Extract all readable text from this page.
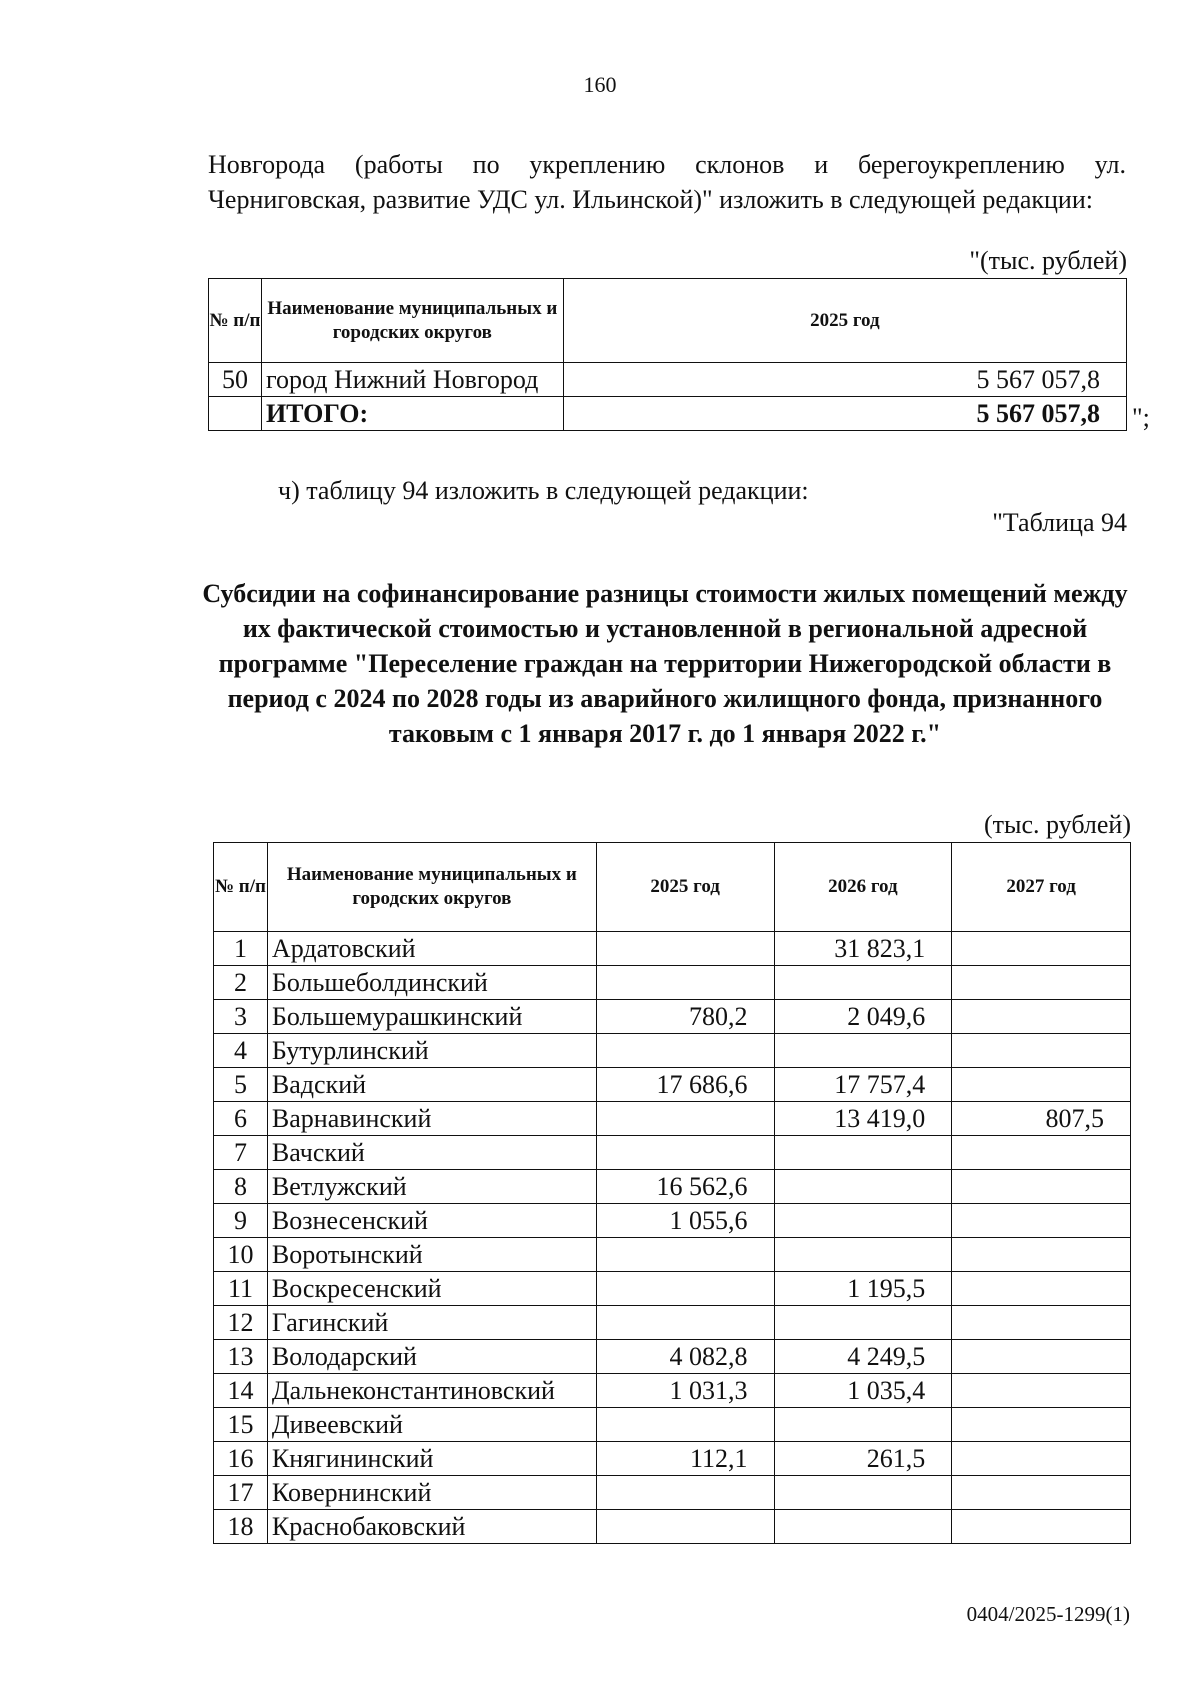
160
Новгорода (работы по укреплению склонов и берегоукреплению ул. Черниговская, развитие УДС ул. Ильинской)" изложить в следующей редакции:
"(тыс. рублей)
№ п/п	Наименование муниципальных и городских округов	2025 год
50	город Нижний Новгород	5 567 057,8
	ИТОГО:	5 567 057,8 ";
ч) таблицу 94 изложить в следующей редакции:
"Таблица 94
Субсидии на софинансирование разницы стоимости жилых помещений между их фактической стоимостью и установленной в региональной адресной программе "Переселение граждан на территории Нижегородской области в период с 2024 по 2028 годы из аварийного жилищного фонда, признанного таковым с 1 января 2017 г. до 1 января 2022 г."
(тыс. рублей)
№ п/п	Наименование муниципальных и городских округов	2025 год	2026 год	2027 год
1	Ардатовский		31 823,1	
2	Большеболдинский			
3	Большемурашкинский	780,2	2 049,6	
4	Бутурлинский			
5	Вадский	17 686,6	17 757,4	
6	Варнавинский		13 419,0	807,5
7	Вачский			
8	Ветлужский	16 562,6		
9	Вознесенский	1 055,6		
10	Воротынский			
11	Воскресенский		1 195,5	
12	Гагинский			
13	Володарский	4 082,8	4 249,5	
14	Дальнеконстантиновский	1 031,3	1 035,4	
15	Дивеевский			
16	Княгининский	112,1	261,5	
17	Ковернинский			
18	Краснобаковский			
0404/2025-1299(1)
